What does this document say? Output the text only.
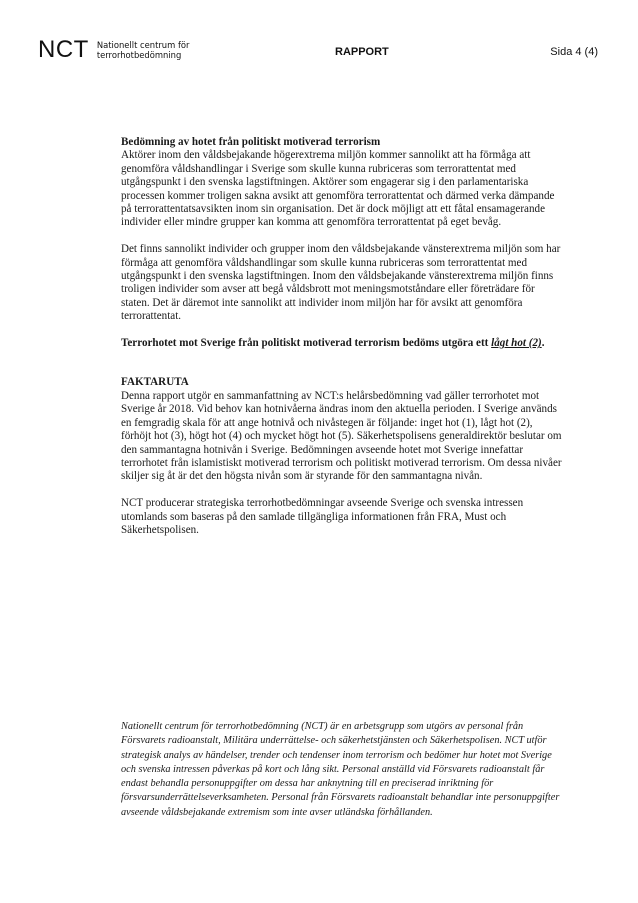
NCT Nationellt centrum för
terrorhotbedömning	RAPPORT	Sida 4 (4)

Bedömning av hotet från politiskt motiverad terrorism

Aktörer inom den våldsbejakande högerextrema miljön kommer sannolikt att ha förmåga att genomföra våldshandlingar i Sverige som skulle kunna rubriceras som terrorattentat med utgångspunkt i den svenska lagstiftningen. Aktörer som engagerar sig i den parlamentariska processen kommer troligen sakna avsikt att genomföra terrorattentat och därmed verka dämpande på terrorattentatsavsikten inom sin organisation. Det är dock möjligt att ett fåtal ensamagerande individer eller mindre grupper kan komma att genomföra terrorattentat på eget bevåg.

Det finns sannolikt individer och grupper inom den våldsbejakande vänsterextrema miljön som har förmåga att genomföra våldshandlingar som skulle kunna rubriceras som terrorattentat med utgångspunkt i den svenska lagstiftningen. Inom den våldsbejakande vänsterextrema miljön finns troligen individer som avser att begå våldsbrott mot meningsmotståndare eller företrädare för staten. Det är däremot inte sannolikt att individer inom miljön har för avsikt att genomföra terrorattentat.

Terrorhotet mot Sverige från politiskt motiverad terrorism bedöms utgöra ett lågt hot (2).

FAKTARUTA

Denna rapport utgör en sammanfattning av NCT:s helårsbedömning vad gäller terrorhotet mot Sverige år 2018. Vid behov kan hotnivåerna ändras inom den aktuella perioden. I Sverige används en femgradig skala för att ange hotnivå och nivåstegen är följande: inget hot (1), lågt hot (2), förhöjt hot (3), högt hot (4) och mycket högt hot (5). Säkerhetspolisens generaldirektör beslutar om den sammantagna hotnivån i Sverige. Bedömningen avseende hotet mot Sverige innefattar terrorhotet från islamistiskt motiverad terrorism och politiskt motiverad terrorism. Om dessa nivåer skiljer sig åt är det den högsta nivån som är styrande för den sammantagna nivån.

NCT producerar strategiska terrorhotbedömningar avseende Sverige och svenska intressen utomlands som baseras på den samlade tillgängliga informationen från FRA, Must och Säkerhetspolisen.

Nationellt centrum för terrorhotbedömning (NCT) är en arbetsgrupp som utgörs av personal från Försvarets radioanstalt, Militära underrättelse- och säkerhetstjänsten och Säkerhetspolisen. NCT utför strategisk analys av händelser, trender och tendenser inom terrorism och bedömer hur hotet mot Sverige och svenska intressen påverkas på kort och lång sikt. Personal anställd vid Försvarets radioanstalt får endast behandla personuppgifter om dessa har anknytning till en preciserad inriktning för försvarsunderrättelseverksamheten. Personal från Försvarets radioanstalt behandlar inte personuppgifter avseende våldsbejakande extremism som inte avser utländska förhållanden.
